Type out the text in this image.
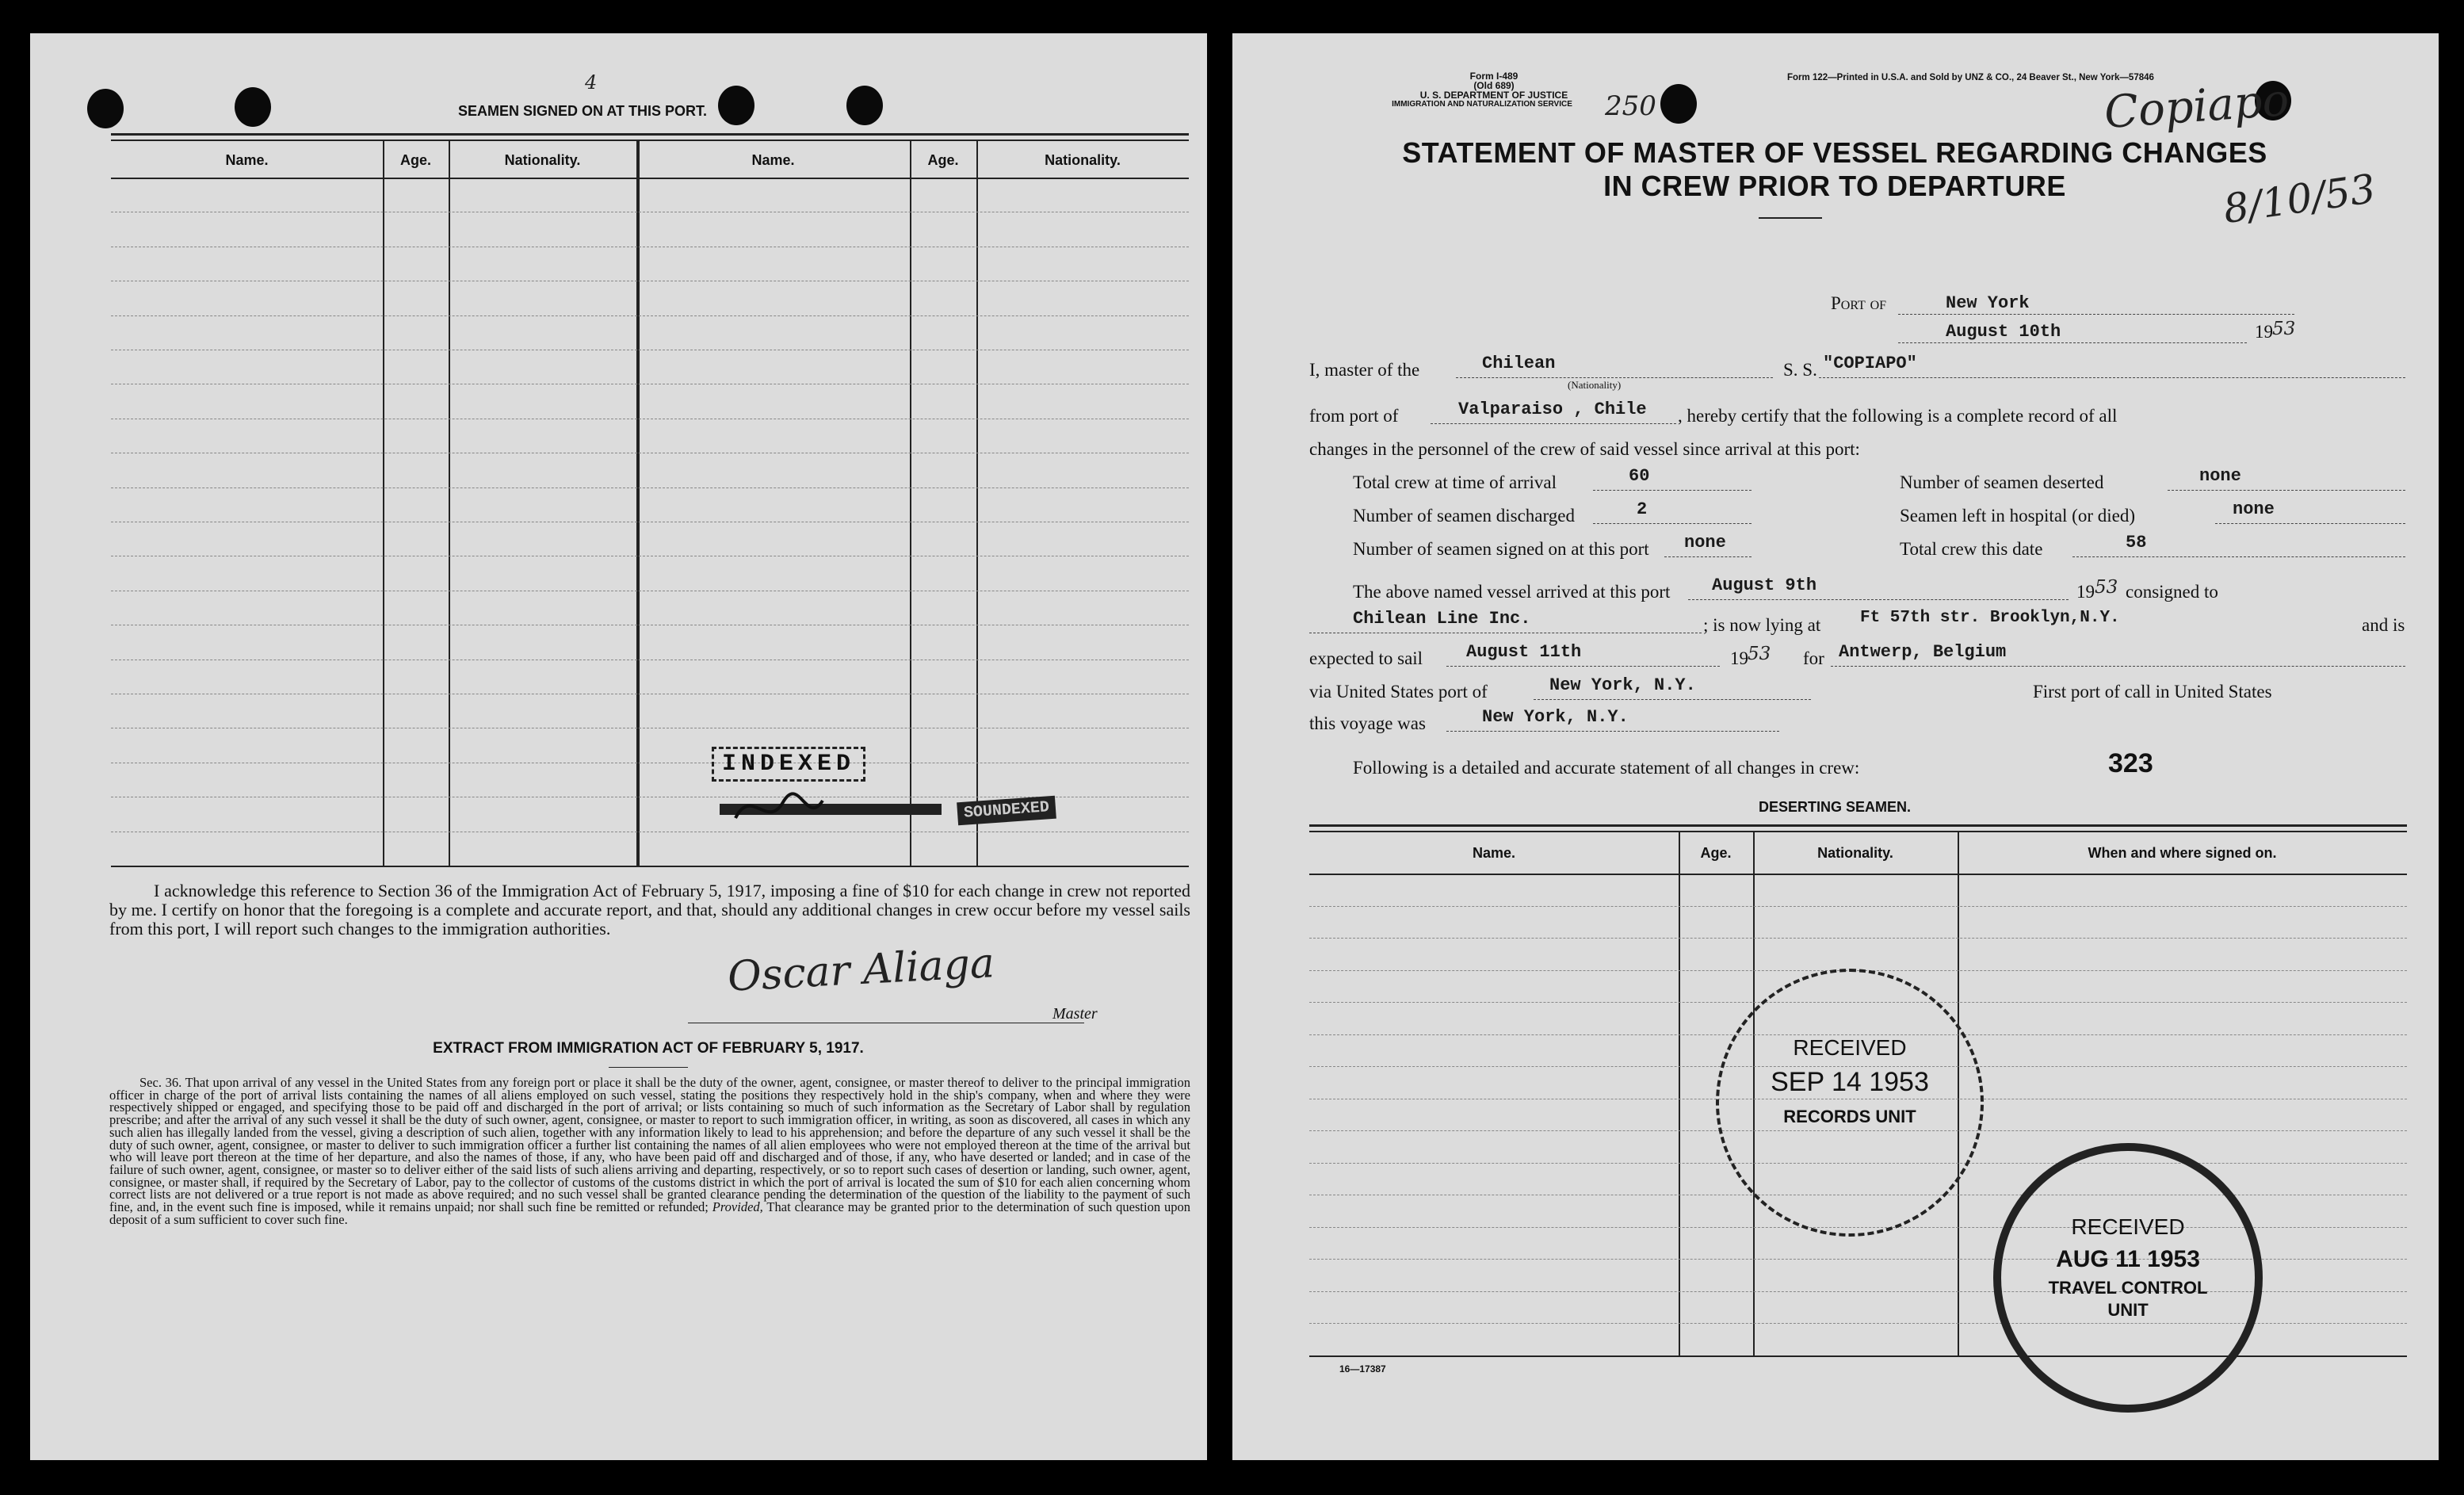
4
SEAMEN SIGNED ON AT THIS PORT.
Name.	Age.	Nationality.	Name.	Age.	Nationality.
INDEXED
SOUNDEXED
I acknowledge this reference to Section 36 of the Immigration Act of February 5, 1917, imposing a fine of $10 for each change in crew not reported by me. I certify on honor that the foregoing is a complete and accurate report, and that, should any additional changes in crew occur before my vessel sails from this port, I will report such changes to the immigration authorities.
Oscar Aliaga
Master
EXTRACT FROM IMMIGRATION ACT OF FEBRUARY 5, 1917.
Sec. 36. That upon arrival of any vessel in the United States from any foreign port or place it shall be the duty of the owner, agent, consignee, or master thereof to deliver to the principal immigration officer in charge of the port of arrival lists containing the names of all aliens employed on such vessel, stating the positions they respectively hold in the ship's company, when and where they were respectively shipped or engaged, and specifying those to be paid off and discharged in the port of arrival; or lists containing so much of such information as the Secretary of Labor shall by regulation prescribe; and after the arrival of any such vessel it shall be the duty of such owner, agent, consignee, or master to report to such immigration officer, in writing, as soon as discovered, all cases in which any such alien has illegally landed from the vessel, giving a description of such alien, together with any information likely to lead to his apprehension; and before the departure of any such vessel it shall be the duty of such owner, agent, consignee, or master to deliver to such immigration officer a further list containing the names of all alien employees who were not employed thereon at the time of the arrival but who will leave port thereon at the time of her departure, and also the names of those, if any, who have been paid off and discharged and of those, if any, who have deserted or landed; and in case of the failure of such owner, agent, consignee, or master so to deliver either of the said lists of such aliens arriving and departing, respectively, or so to report such cases of desertion or landing, such owner, agent, consignee, or master shall, if required by the Secretary of Labor, pay to the collector of customs of the customs district in which the port of arrival is located the sum of $10 for each alien concerning whom correct lists are not delivered or a true report is not made as above required; and no such vessel shall be granted clearance pending the determination of the question of the liability to the payment of such fine, and, in the event such fine is imposed, while it remains unpaid; nor shall such fine be remitted or refunded; Provided, That clearance may be granted prior to the determination of such question upon deposit of a sum sufficient to cover such fine.
Form I-489
(Old 689)
U. S. DEPARTMENT OF JUSTICE
IMMIGRATION AND NATURALIZATION SERVICE 250
Form 122—Printed in U.S.A. and Sold by UNZ & CO., 24 Beaver St., New York—57846
Copiapo
8/10/53
STATEMENT OF MASTER OF VESSEL REGARDING CHANGES
IN CREW PRIOR TO DEPARTURE
Port of	New York
August 10th	19 53
I, master of the	Chilean
(Nationality)
S. S. "COPIAPO"
from port of	Valparaiso , Chile , hereby certify that the following is a complete record of all
changes in the personnel of the crew of said vessel since arrival at this port:
Total crew at time of arrival	60	Number of seamen deserted	none
Number of seamen discharged	2	Seamen left in hospital (or died)	none
Number of seamen signed on at this port none	Total crew this date	58
The above named vessel arrived at this port August 9th	19 53 consigned to
Chilean Line Inc.	; is now lying at Ft 57th str. Brooklyn,N.Y.	and is
expected to sail August 11th	19 53 for Antwerp, Belgium
via United States port of	New York, N.Y.	First port of call in United States
this voyage was	New York, N.Y.
Following is a detailed and accurate statement of all changes in crew:	323
DESERTING SEAMEN.
Name.	Age.	Nationality.	When and where signed on.
RECEIVED
SEP 14 1953
RECORDS UNIT
RECEIVED
AUG 11 1953
TRAVEL CONTROL
UNIT
16—17387
